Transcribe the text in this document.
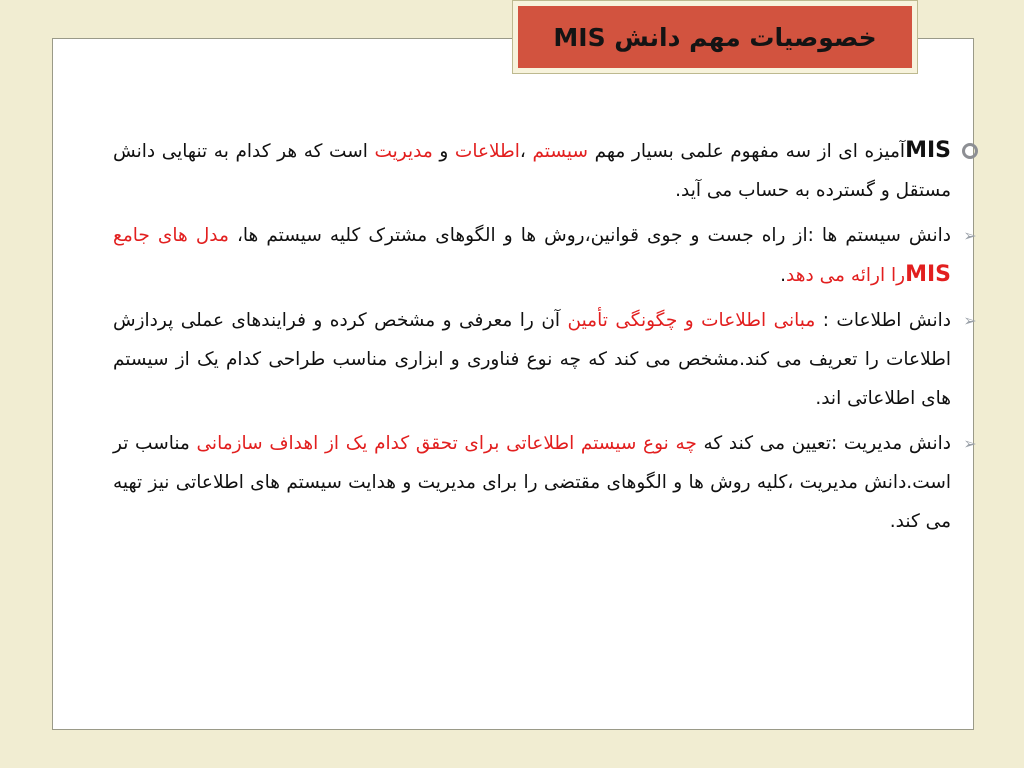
MISآمیزه ای از سه مفهوم علمی بسیار مهم سیستم ،اطلاعات و مدیریت است که هر کدام به تنهایی دانش مستقل و گسترده به حساب می آید.
➢
دانش سیستم ها :از راه جست و جوی قوانین،روش ها و الگوهای مشترک کلیه سیستم ها، مدل های جامع MISرا ارائه می دهد.
➢
دانش اطلاعات : مبانی اطلاعات و چگونگی تأمین آن را معرفی و مشخص کرده و فرایندهای عملی پردازش اطلاعات را تعریف می کند.مشخص می کند که چه نوع فناوری و ابزاری مناسب طراحی کدام یک از سیستم های اطلاعاتی اند.
➢
دانش مدیریت :تعیین می کند که چه نوع سیستم اطلاعاتی برای تحقق کدام یک از اهداف سازمانی مناسب تر است.دانش مدیریت ،کلیه روش ها و الگوهای مقتضی را برای مدیریت و هدایت سیستم های اطلاعاتی نیز تهیه می کند.
خصوصیات مهم دانش MIS
